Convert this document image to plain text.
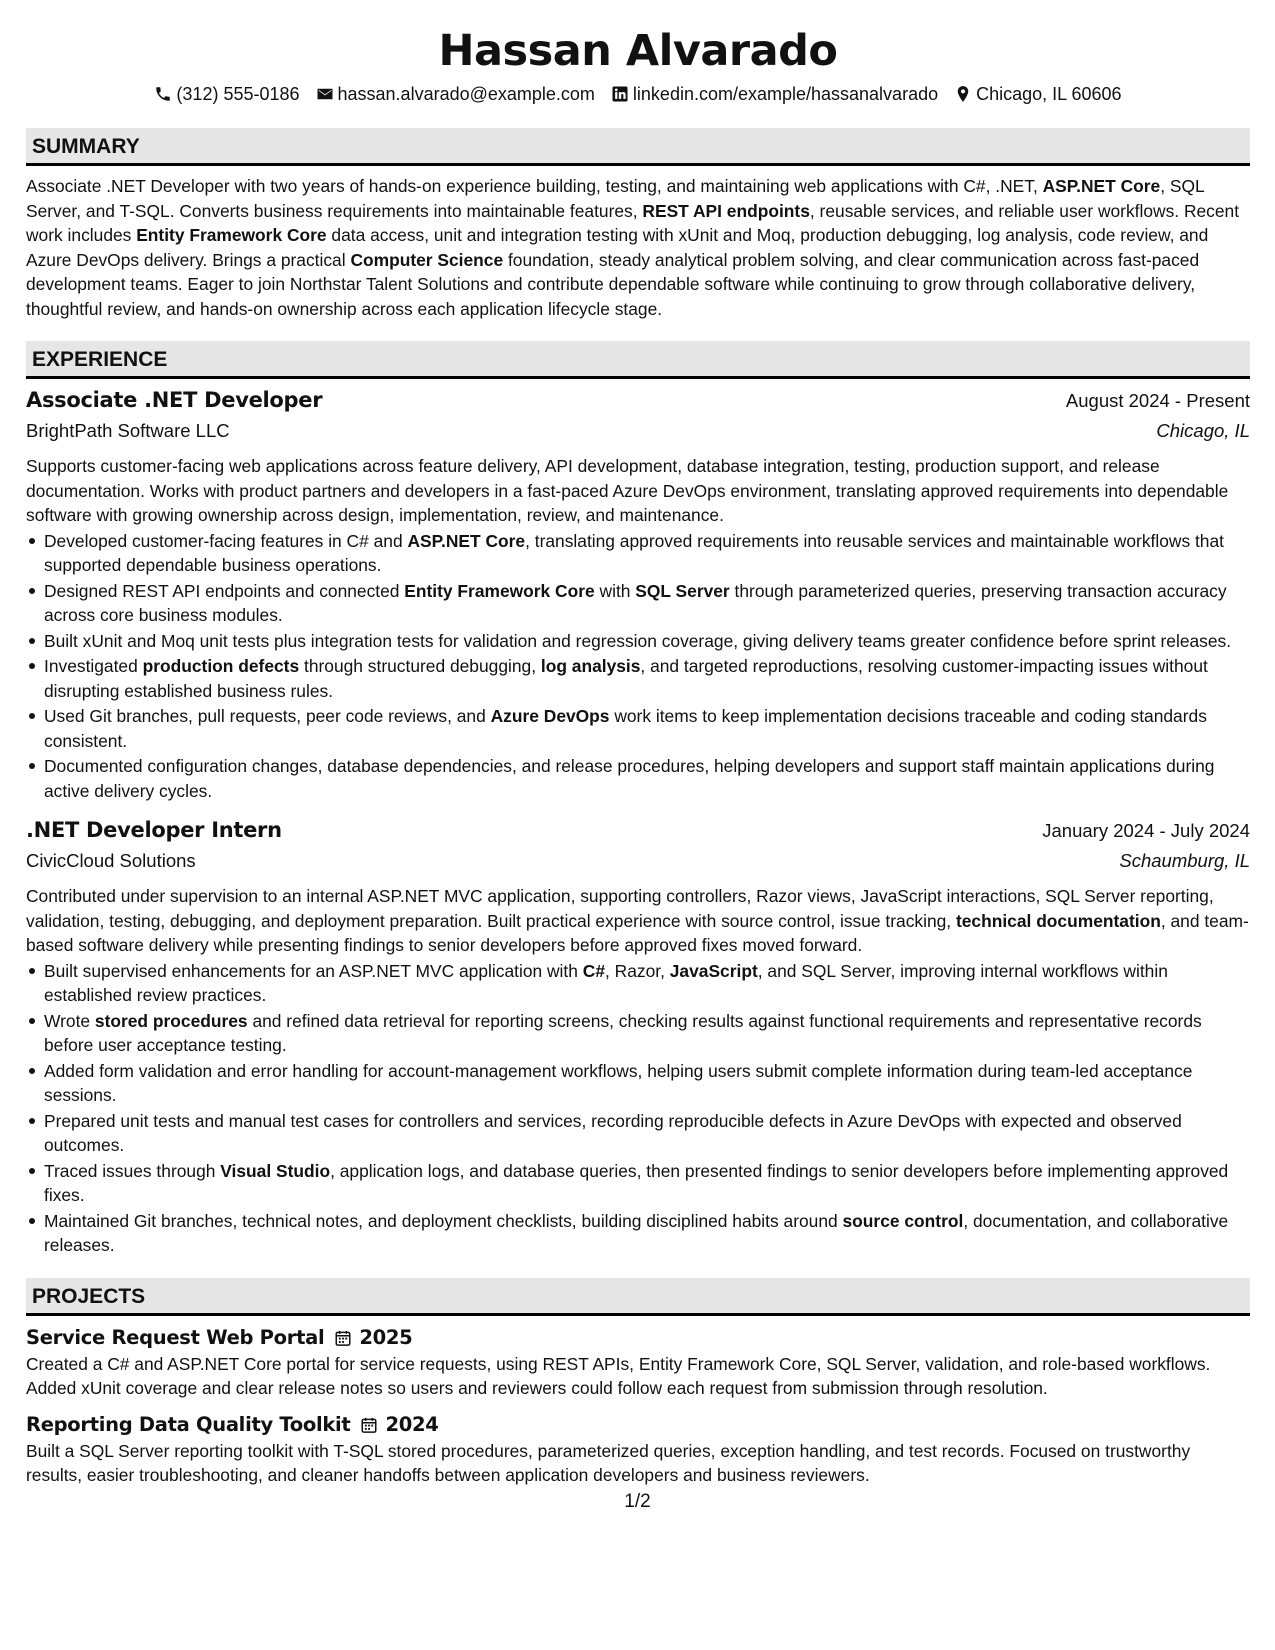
Hassan Alvarado
(312) 555-0186 hassan.alvarado@example.com linkedin.com/example/hassanalvarado Chicago, IL 60606
SUMMARY

Associate .NET Developer with two years of hands-on experience building, testing, and maintaining web applications with C#, .NET, ASP.NET Core, SQL Server, and T-SQL. Converts business requirements into maintainable features, REST API endpoints, reusable services, and reliable user workflows. Recent work includes Entity Framework Core data access, unit and integration testing with xUnit and Moq, production debugging, log analysis, code review, and Azure DevOps delivery. Brings a practical Computer Science foundation, steady analytical problem solving, and clear communication across fast-paced development teams. Eager to join Northstar Talent Solutions and contribute dependable software while continuing to grow through collaborative delivery, thoughtful review, and hands-on ownership across each application lifecycle stage.

EXPERIENCE
Associate .NET Developer	August 2024 - Present
BrightPath Software LLC	Chicago, IL

Supports customer-facing web applications across feature delivery, API development, database integration, testing, production support, and release documentation. Works with product partners and developers in a fast-paced Azure DevOps environment, translating approved requirements into dependable software with growing ownership across design, implementation, review, and maintenance.

Developed customer-facing features in C# and ASP.NET Core, translating approved requirements into reusable services and maintainable workflows that supported dependable business operations.
Designed REST API endpoints and connected Entity Framework Core with SQL Server through parameterized queries, preserving transaction accuracy across core business modules.
Built xUnit and Moq unit tests plus integration tests for validation and regression coverage, giving delivery teams greater confidence before sprint releases.
Investigated production defects through structured debugging, log analysis, and targeted reproductions, resolving customer-impacting issues without disrupting established business rules.
Used Git branches, pull requests, peer code reviews, and Azure DevOps work items to keep implementation decisions traceable and coding standards consistent.
Documented configuration changes, database dependencies, and release procedures, helping developers and support staff maintain applications during active delivery cycles.
.NET Developer Intern	January 2024 - July 2024
CivicCloud Solutions	Schaumburg, IL

Contributed under supervision to an internal ASP.NET MVC application, supporting controllers, Razor views, JavaScript interactions, SQL Server reporting, validation, testing, debugging, and deployment preparation. Built practical experience with source control, issue tracking, technical documentation, and team-based software delivery while presenting findings to senior developers before approved fixes moved forward.

Built supervised enhancements for an ASP.NET MVC application with C#, Razor, JavaScript, and SQL Server, improving internal workflows within established review practices.
Wrote stored procedures and refined data retrieval for reporting screens, checking results against functional requirements and representative records before user acceptance testing.
Added form validation and error handling for account-management workflows, helping users submit complete information during team-led acceptance sessions.
Prepared unit tests and manual test cases for controllers and services, recording reproducible defects in Azure DevOps with expected and observed outcomes.
Traced issues through Visual Studio, application logs, and database queries, then presented findings to senior developers before implementing approved fixes.
Maintained Git branches, technical notes, and deployment checklists, building disciplined habits around source control, documentation, and collaborative releases.
PROJECTS
Service Request Web Portal 2025

Created a C# and ASP.NET Core portal for service requests, using REST APIs, Entity Framework Core, SQL Server, validation, and role-based workflows. Added xUnit coverage and clear release notes so users and reviewers could follow each request from submission through resolution.

Reporting Data Quality Toolkit 2024

Built a SQL Server reporting toolkit with T-SQL stored procedures, parameterized queries, exception handling, and test records. Focused on trustworthy results, easier troubleshooting, and cleaner handoffs between application developers and business reviewers.

1/2
